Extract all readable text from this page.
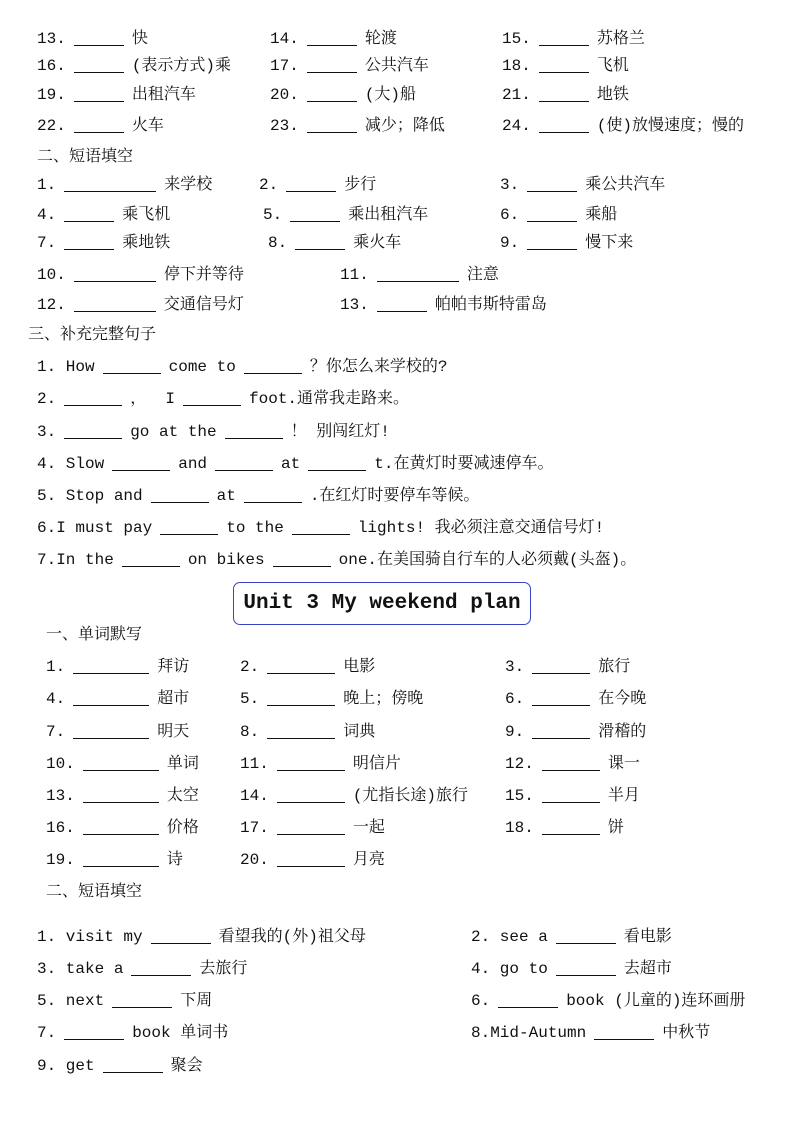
二、短语填空
三、补充完整句子
Unit 3 My weekend plan
一、单词默写
二、短语填空
13.	快	14.	轮渡	15.	苏格兰
16.	(表示方式)乘 17.	公共汽车	18.	飞机
19.	出租汽车	20.	(大)船	21.	地铁
22.	火车	23.	减少；降低	24.	(使)放慢速度；慢的
1.	来学校	2.	步行	3.	乘公共汽车
4.	乘飞机	5.	乘出租汽车	6.	乘船
7.	乘地铁	8.	乘火车	9.	慢下来
10.	停下并等待	11.	注意
12.	交通信号灯	13.	帕帕韦斯特雷岛
1. How	come to	？你怎么来学校的?
2.	，  I	foot.通常我走路来。
3.	go at the	！ 别闯红灯!
4. Slow	and	at	t.在黄灯时要减速停车。
5. Stop and	at	.在红灯时要停车等候。
6.I must pay	to the	lights! 我必须注意交通信号灯!
7.In the	on bikes	one.在美国骑自行车的人必须戴(头盔)。
1.	拜访	2.	电影	3.	旅行
4.	超市	5.	晚上；傍晚	6.	在今晚
7.	明天	8.	词典	9.	滑稽的
10.	单词	11.	明信片	12.	课一
13.	太空	14.	(尤指长途)旅行 15.	半月
16.	价格	17.	一起	18.	饼
19.	诗	20.	月亮
1. visit my	看望我的(外)祖父母	2. see a	看电影
3. take a	去旅行	4. go to	去超市
5. next	下周	6.	book (儿童的)连环画册
7.	book 单词书	8.Mid-Autumn	中秋节
9. get	聚会
